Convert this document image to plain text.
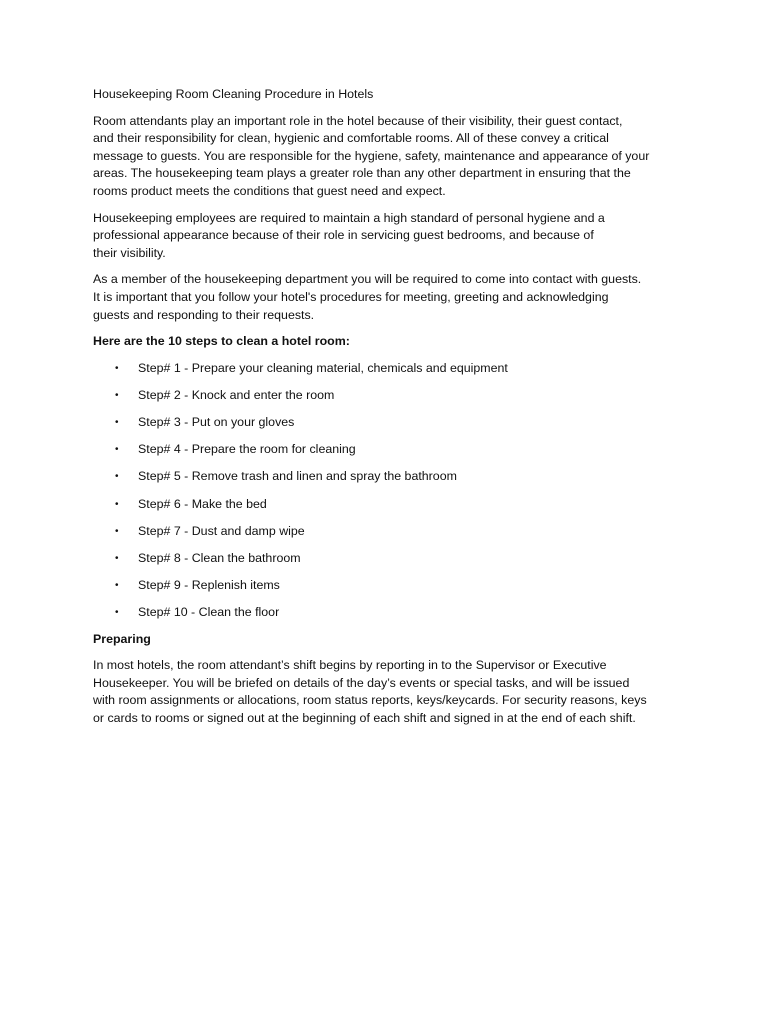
Housekeeping Room Cleaning Procedure in Hotels
Room attendants play an important role in the hotel because of their visibility, their guest contact,
and their responsibility for clean, hygienic and comfortable rooms. All of these convey a critical
message to guests. You are responsible for the hygiene, safety, maintenance and appearance of your
areas. The housekeeping team plays a greater role than any other department in ensuring that the
rooms product meets the conditions that guest need and expect.
Housekeeping employees are required to maintain a high standard of personal hygiene and a
professional appearance because of their role in servicing guest bedrooms, and because of
their visibility.
As a member of the housekeeping department you will be required to come into contact with guests.
It is important that you follow your hotel's procedures for meeting, greeting and acknowledging
guests and responding to their requests.
Here are the 10 steps to clean a hotel room:
• Step# 1 - Prepare your cleaning material, chemicals and equipment
• Step# 2 - Knock and enter the room
• Step# 3 - Put on your gloves
• Step# 4 - Prepare the room for cleaning
• Step# 5 - Remove trash and linen and spray the bathroom
• Step# 6 - Make the bed
• Step# 7 - Dust and damp wipe
• Step# 8 - Clean the bathroom
• Step# 9 - Replenish items
• Step# 10 - Clean the floor
Preparing
In most hotels, the room attendant’s shift begins by reporting in to the Supervisor or Executive
Housekeeper. You will be briefed on details of the day’s events or special tasks, and will be issued
with room assignments or allocations, room status reports, keys/keycards. For security reasons, keys
or cards to rooms or signed out at the beginning of each shift and signed in at the end of each shift.
